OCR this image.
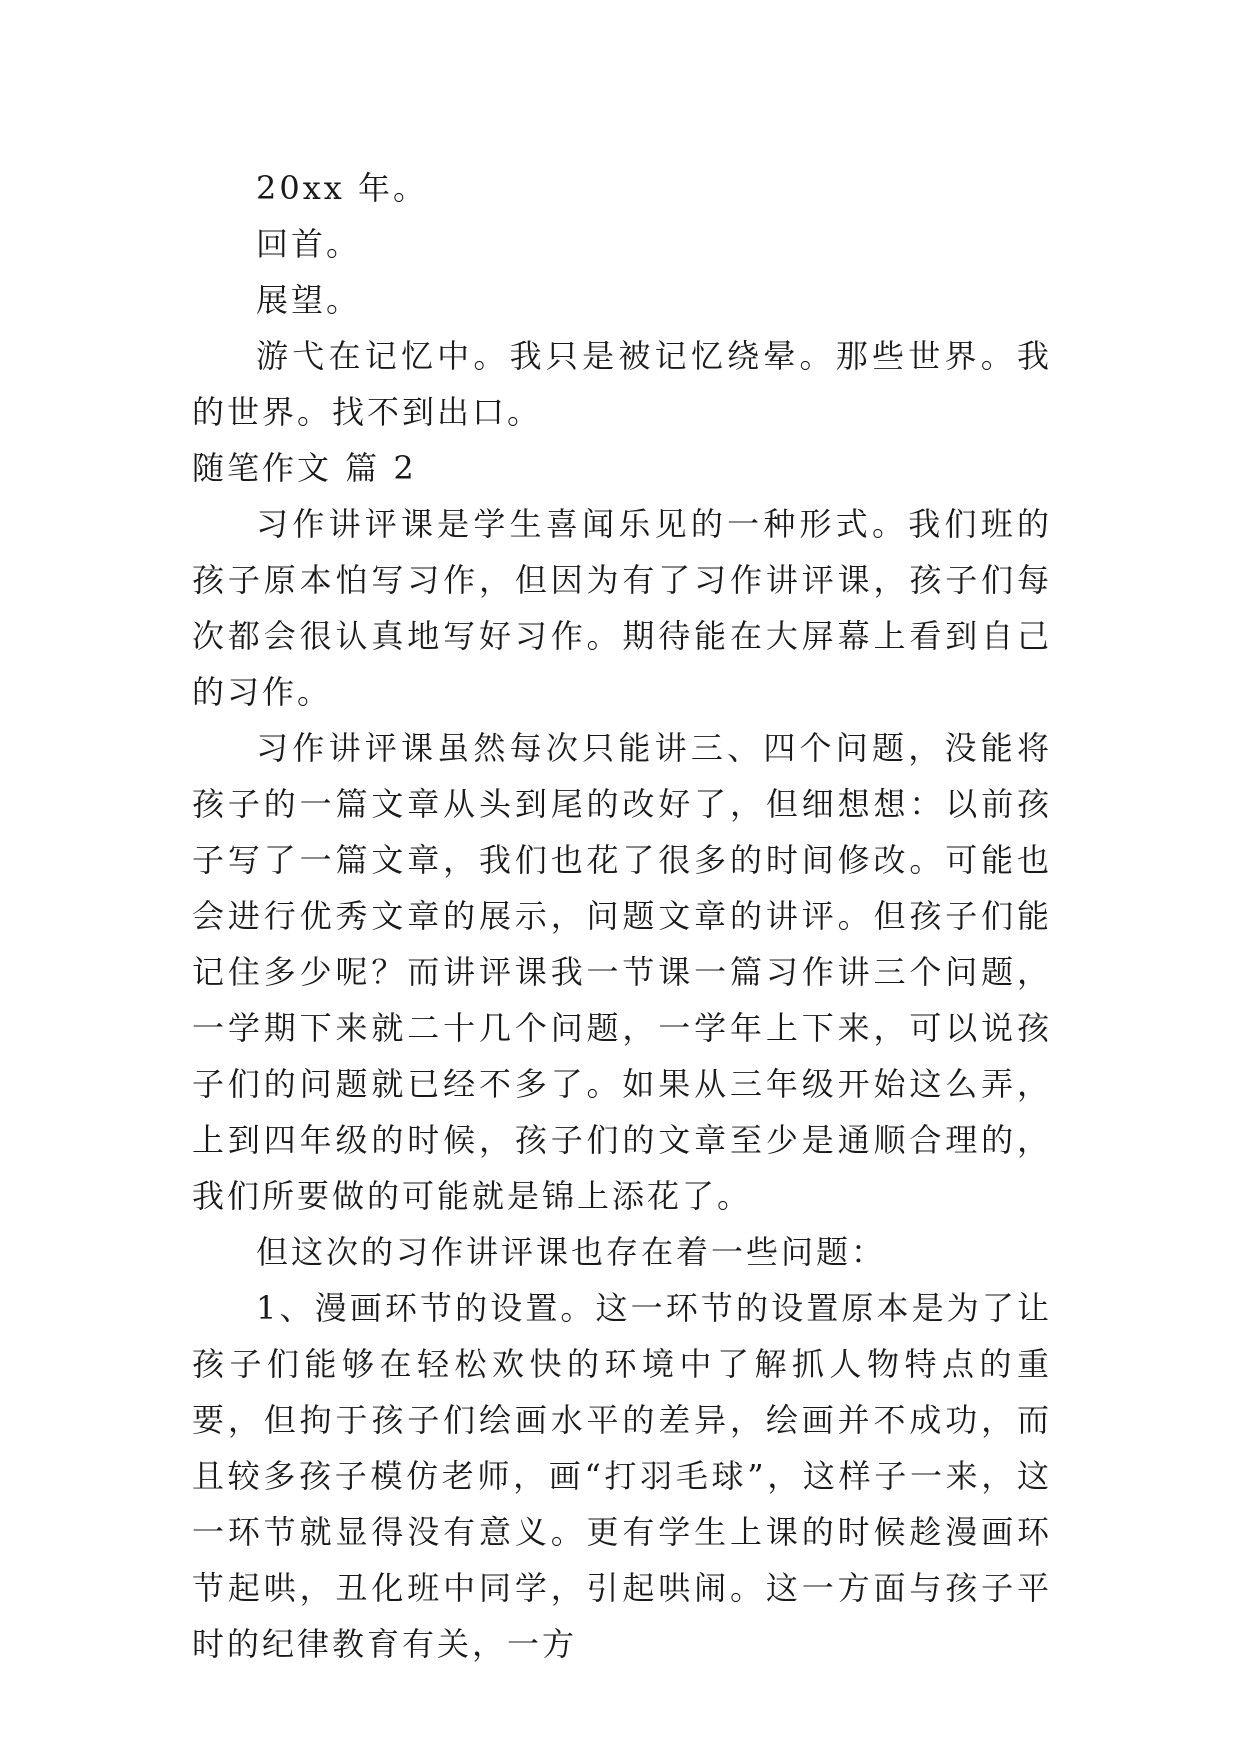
20xx 年。

回首。

展望。

游弋在记忆中。我只是被记忆绕晕。那些世界。我的世界。找不到出口。

随笔作文 篇 2

习作讲评课是学生喜闻乐见的一种形式。我们班的孩子原本怕写习作，但因为有了习作讲评课，孩子们每次都会很认真地写好习作。期待能在大屏幕上看到自己的习作。

习作讲评课虽然每次只能讲三、四个问题，没能将孩子的一篇文章从头到尾的改好了，但细想想：以前孩子写了一篇文章，我们也花了很多的时间修改。可能也会进行优秀文章的展示，问题文章的讲评。但孩子们能记住多少呢？而讲评课我一节课一篇习作讲三个问题，一学期下来就二十几个问题，一学年上下来，可以说孩子们的问题就已经不多了。如果从三年级开始这么弄，上到四年级的时候，孩子们的文章至少是通顺合理的，我们所要做的可能就是锦上添花了。

但这次的习作讲评课也存在着一些问题：

1、漫画环节的设置。这一环节的设置原本是为了让孩子们能够在轻松欢快的环境中了解抓人物特点的重要，但拘于孩子们绘画水平的差异，绘画并不成功，而且较多孩子模仿老师，画“打羽毛球”，这样子一来，这一环节就显得没有意义。更有学生上课的时候趁漫画环节起哄，丑化班中同学，引起哄闹。这一方面与孩子平时的纪律教育有关，一方
